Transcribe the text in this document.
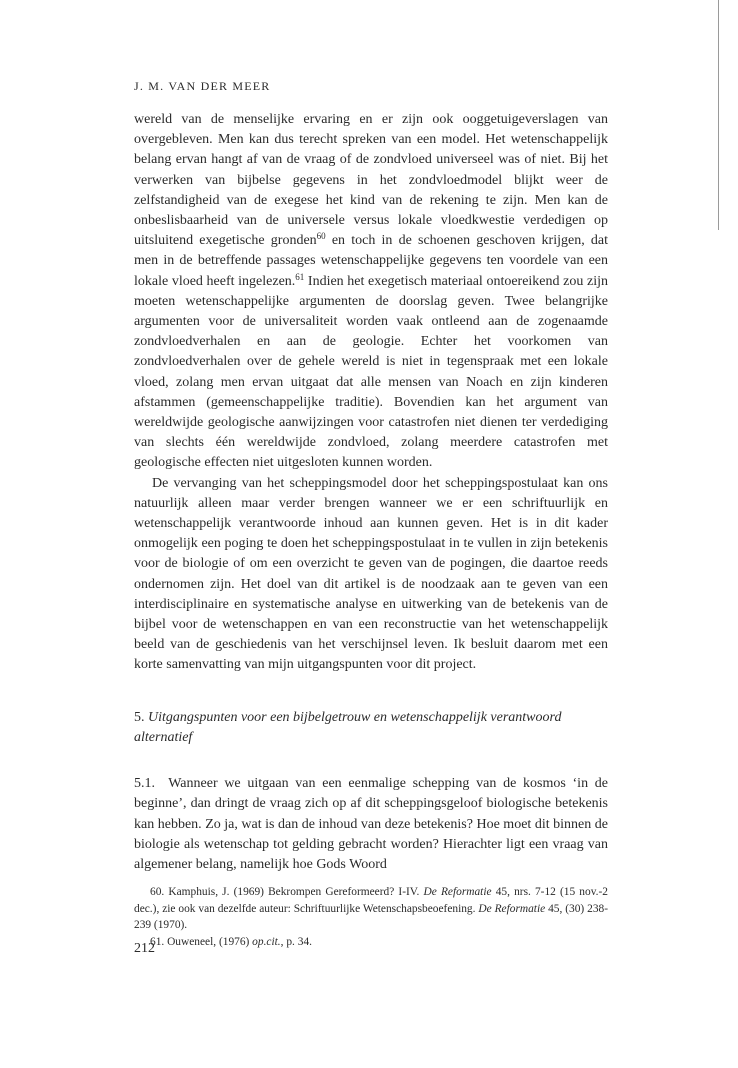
J. M. VAN DER MEER

wereld van de menselijke ervaring en er zijn ook ooggetuigeverslagen van overgebleven. Men kan dus terecht spreken van een model. Het wetenschappelijk belang ervan hangt af van de vraag of de zondvloed universeel was of niet. Bij het verwerken van bijbelse gegevens in het zondvloedmodel blijkt weer de zelfstandigheid van de exegese het kind van de rekening te zijn. Men kan de onbeslisbaarheid van de universele versus lokale vloedkwestie verdedigen op uitsluitend exegetische gronden$^{60}$ en toch in de schoenen geschoven krijgen, dat men in de betreffende passages wetenschappelijke gegevens ten voordele van een lokale vloed heeft ingelezen.$^{61}$ Indien het exegetisch materiaal ontoereikend zou zijn moeten wetenschappelijke argumenten de doorslag geven. Twee belangrijke argumenten voor de universaliteit worden vaak ontleend aan de zogenaamde zondvloedverhalen en aan de geologie. Echter het voorkomen van zondvloedverhalen over de gehele wereld is niet in tegenspraak met een lokale vloed, zolang men ervan uitgaat dat alle mensen van Noach en zijn kinderen afstammen (gemeenschappelijke traditie). Bovendien kan het argument van wereldwijde geologische aanwijzingen voor catastrofen niet dienen ter verdediging van slechts één wereldwijde zondvloed, zolang meerdere catastrofen met geologische effecten niet uitgesloten kunnen worden.

De vervanging van het scheppingsmodel door het scheppingspostulaat kan ons natuurlijk alleen maar verder brengen wanneer we er een schriftuurlijk en wetenschappelijk verantwoorde inhoud aan kunnen geven. Het is in dit kader onmogelijk een poging te doen het scheppingspostulaat in te vullen in zijn betekenis voor de biologie of om een overzicht te geven van de pogingen, die daartoe reeds ondernomen zijn. Het doel van dit artikel is de noodzaak aan te geven van een interdisciplinaire en systematische analyse en uitwerking van de betekenis van de bijbel voor de wetenschappen en van een reconstructie van het wetenschappelijk beeld van de geschiedenis van het verschijnsel leven. Ik besluit daarom met een korte samenvatting van mijn uitgangspunten voor dit project.

5. Uitgangspunten voor een bijbelgetrouw en wetenschappelijk verantwoord alternatief

5.1. Wanneer we uitgaan van een eenmalige schepping van de kosmos ‘in de beginne’, dan dringt de vraag zich op af dit scheppingsgeloof biologische betekenis kan hebben. Zo ja, wat is dan de inhoud van deze betekenis? Hoe moet dit binnen de biologie als wetenschap tot gelding gebracht worden? Hierachter ligt een vraag van algemener belang, namelijk hoe Gods Woord

60. Kamphuis, J. (1969) Bekrompen Gereformeerd? I-IV. De Reformatie 45, nrs. 7-12 (15 nov.-2 dec.), zie ook van dezelfde auteur: Schriftuurlijke Wetenschapsbeoefening. De Reformatie 45, (30) 238-239 (1970).

61. Ouweneel, (1976) op.cit., p. 34.

212
